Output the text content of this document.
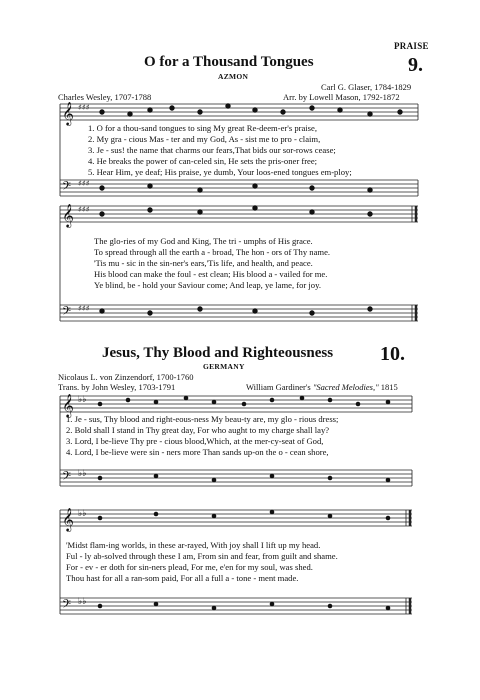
PRAISE
9.
O for a Thousand Tongues
AZMON
Carl G. Glaser, 1784-1829
Charles Wesley, 1707-1788	Arr. by Lowell Mason, 1792-1872
𝄞
𝄢
𝄞
𝄢
♯♯♯
♯♯♯
♯♯♯
♯♯♯
1. O for a thou-sand tongues to sing My great Re-deem-er's praise,
2. My gra - cious Mas - ter and my God, As - sist me to pro - claim,
3. Je - sus! the name that charms our fears,That bids our sor-rows cease;
4. He breaks the power of can-celed sin, He sets the pris-oner free;
5. Hear Him, ye deaf; His praise, ye dumb, Your loos-ened tongues em-ploy;
The glo-ries of my God and King, The tri - umphs of His grace.
To spread through all the earth a - broad, The hon - ors of Thy name.
'Tis mu - sic in the sin-ner's ears,'Tis life, and health, and peace.
His blood can make the foul - est clean; His blood a - vailed for me.
Ye blind, be - hold your Saviour come; And leap, ye lame, for joy.
Jesus, Thy Blood and Righteousness 10.
GERMANY
Nicolaus L. von Zinzendorf, 1700-1760
Trans. by John Wesley, 1703-1791	William Gardiner's "Sacred Melodies," 1815
𝄞
𝄢
𝄞
𝄢
♭♭
♭♭
♭♭
♭♭
1. Je - sus, Thy blood and right-eous-ness My beau-ty are, my glo - rious dress;
2. Bold shall I stand in Thy great day, For who aught to my charge shall lay?
3. Lord, I be-lieve Thy pre - cious blood,Which, at the mer-cy-seat of God,
4. Lord, I be-lieve were sin - ners more Than sands up-on the o - cean shore,
'Midst flam-ing worlds, in these ar-rayed, With joy shall I lift up my head.
Ful - ly ab-solved through these I am, From sin and fear, from guilt and shame.
For - ev - er doth for sin-ners plead, For me, e'en for my soul, was shed.
Thou hast for all a ran-som paid, For all a full a - tone - ment made.
